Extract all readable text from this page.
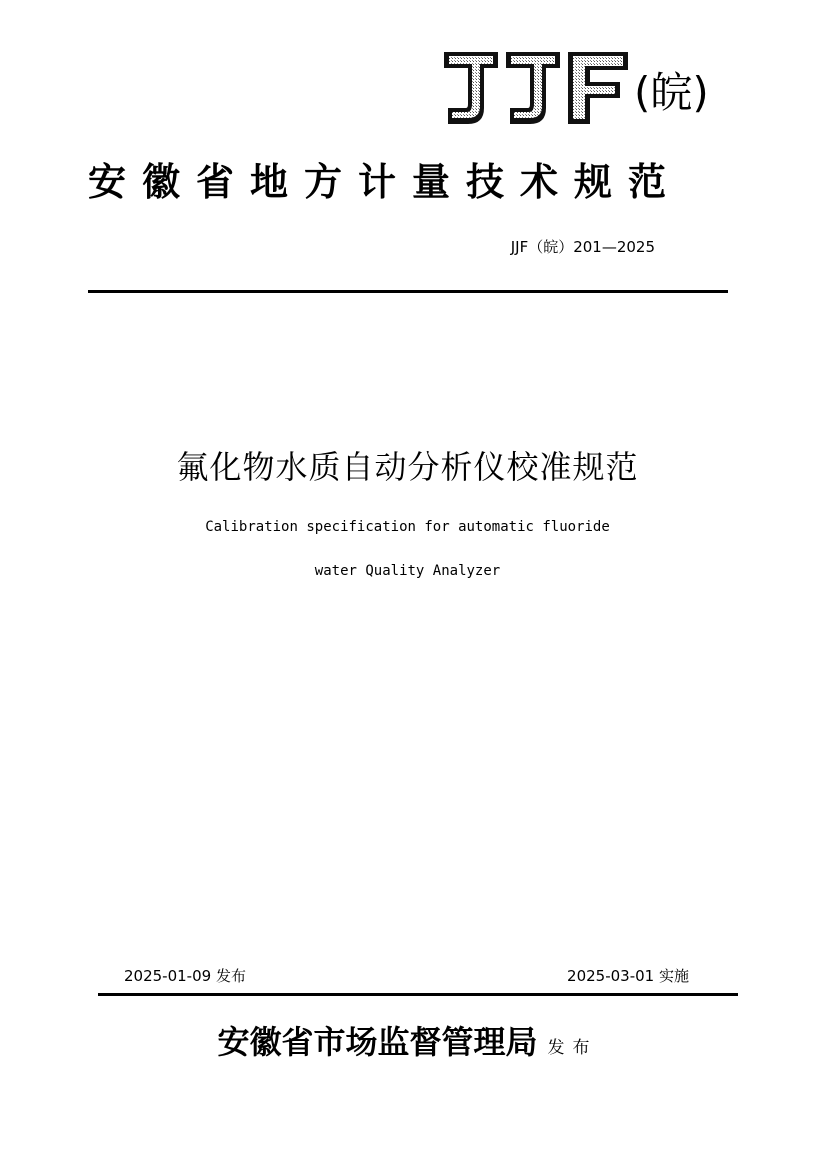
(皖)
安徽省地方计量技术规范
JJF（皖）201—2025
氟化物水质自动分析仪校准规范
Calibration specification for automatic fluoride
water Quality Analyzer
2025-01-09 发布	2025-03-01 实施
安徽省市场监督管理局 发布
